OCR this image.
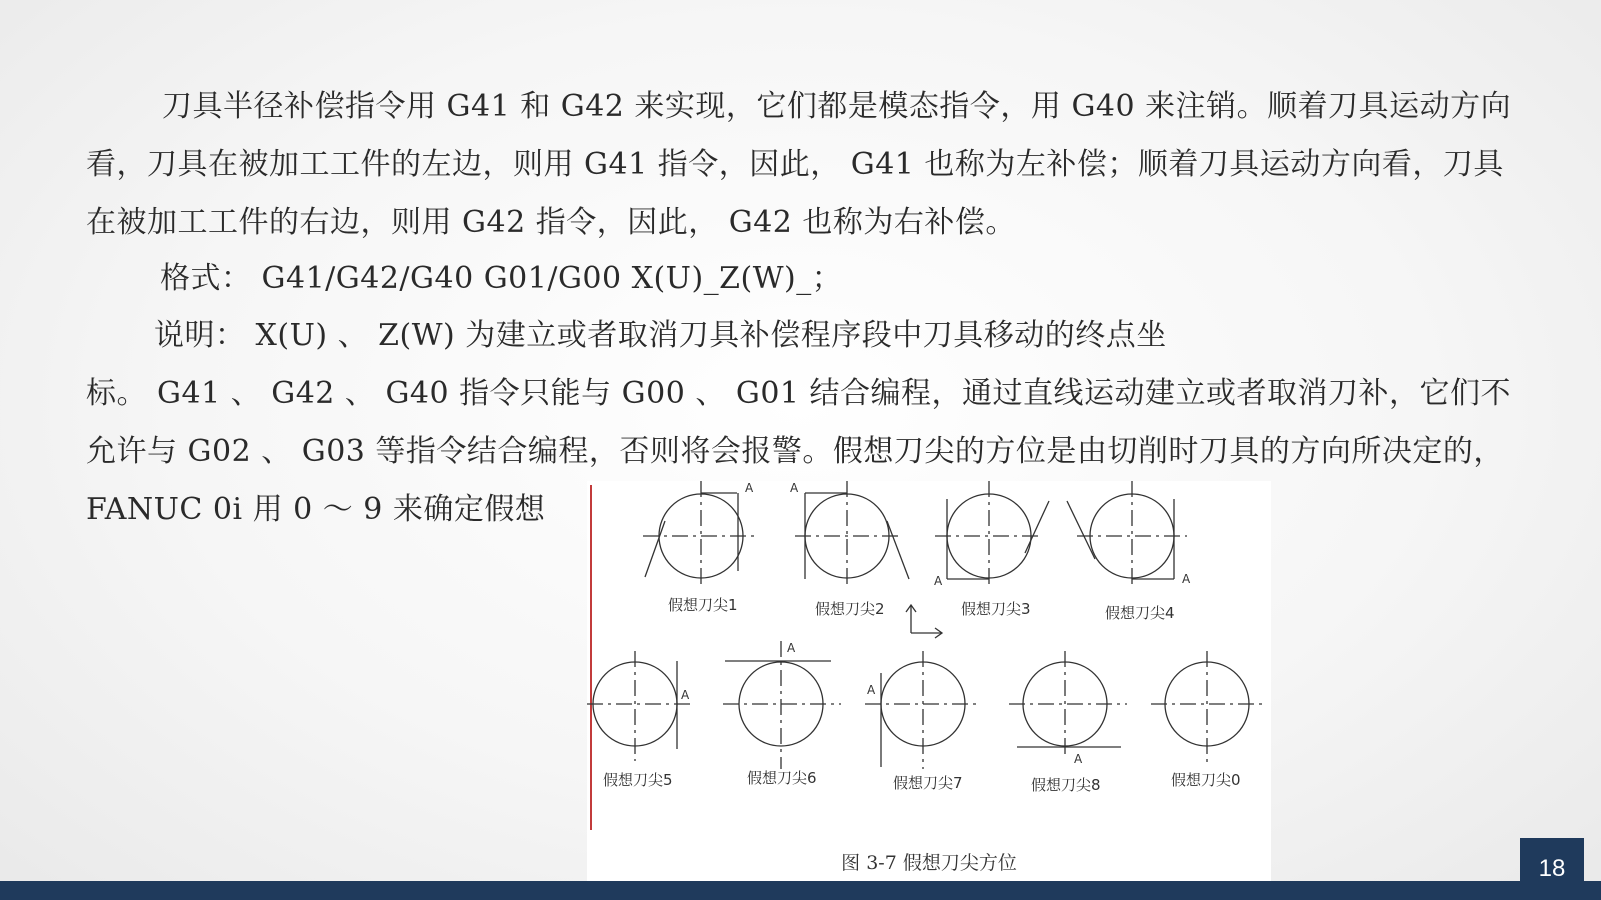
刀具半径补偿指令用 G41 和 G42 来实现，它们都是模态指令，用 G40 来注销。顺着刀具运动方向看，刀具在被加工工件的左边，则用 G41 指令，因此， G41 也称为左补偿；顺着刀具运动方向看，刀具在被加工工件的右边，则用 G42 指令，因此， G42 也称为右补偿。

格式： G41/G42/G40 G01/G00 X(U)_Z(W)_；

说明： X(U) 、 Z(W) 为建立或者取消刀具补偿程序段中刀具移动的终点坐
标。 G41 、 G42 、 G40 指令只能与 G00 、 G01 结合编程，通过直线运动建立或者取消刀补，它们不允许与 G02 、 G03 等指令结合编程，否则将会报警。假想刀尖的方位是由切削时刀具的方向所决定的， FANUC 0i 用 0 ～ 9 来确定假想
A
假想刀尖1
A
假想刀尖2
A
假想刀尖3
A
假想刀尖4
A
假想刀尖5
A
假想刀尖6
A
假想刀尖7
A
假想刀尖8	假想刀尖0
图 3-7 假想刀尖方位	18
